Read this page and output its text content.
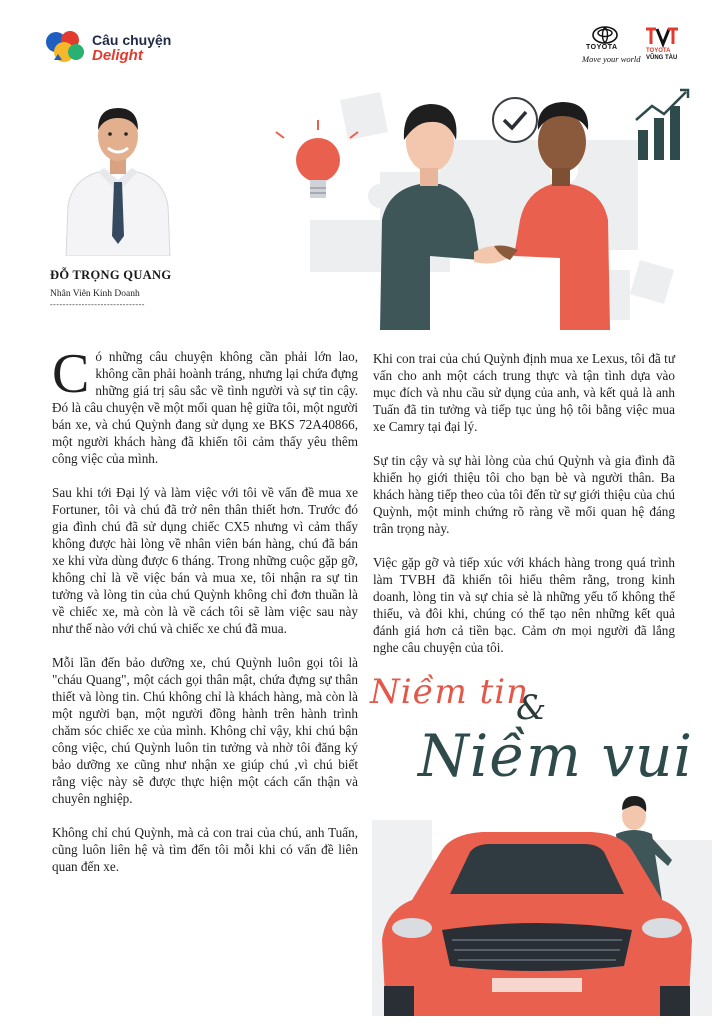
Câu chuyện
Delight	TOYOTA
Move your world
TOYOTA
VŨNG TÀU
ĐỖ TRỌNG QUANG
Nhân Viên Kinh Doanh
------------------------------

Có những câu chuyện không cần phải lớn lao, không cần phải hoành tráng, nhưng lại chứa đựng những giá trị sâu sắc về tình người và sự tin cậy. Đó là câu chuyện về một mối quan hệ giữa tôi, một người bán xe, và chú Quỳnh đang sử dụng xe BKS 72A40866, một người khách hàng đã khiến tôi cảm thấy yêu thêm công việc của mình.

Sau khi tới Đại lý và làm việc với tôi về vấn đề mua xe Fortuner, tôi và chú đã trở nên thân thiết hơn. Trước đó gia đình chú đã sử dụng chiếc CX5 nhưng vì cảm thấy không được hài lòng về nhân viên bán hàng, chú đã bán xe khi vừa dùng được 6 tháng. Trong những cuộc gặp gỡ, không chỉ là về việc bán và mua xe, tôi nhận ra sự tin tưởng và lòng tin của chú Quỳnh không chỉ đơn thuần là về chiếc xe, mà còn là về cách tôi sẽ làm việc sau này như thế nào với chú và chiếc xe chú đã mua.

Mỗi lần đến bảo dưỡng xe, chú Quỳnh luôn gọi tôi là "cháu Quang", một cách gọi thân mật, chứa đựng sự thân thiết và lòng tin. Chú không chỉ là khách hàng, mà còn là một người bạn, một người đồng hành trên hành trình chăm sóc chiếc xe của mình. Không chỉ vậy, khi chú bận công việc, chú Quỳnh luôn tin tưởng và nhờ tôi đăng ký bảo dưỡng xe cũng như nhận xe giúp chú ,vì chú biết rằng việc này sẽ được thực hiện một cách cẩn thận và chuyên nghiệp.

Không chỉ chú Quỳnh, mà cả con trai của chú, anh Tuấn, cũng luôn liên hệ và tìm đến tôi mỗi khi có vấn đề liên quan đến xe.

Khi con trai của chú Quỳnh định mua xe Lexus, tôi đã tư vấn cho anh một cách trung thực và tận tình dựa vào mục đích và nhu cầu sử dụng của anh, và kết quả là anh Tuấn đã tin tưởng và tiếp tục ủng hộ tôi bằng việc mua xe Camry tại đại lý.

Sự tin cậy và sự hài lòng của chú Quỳnh và gia đình đã khiến họ giới thiệu tôi cho bạn bè và người thân. Ba khách hàng tiếp theo của tôi đến từ sự giới thiệu của chú Quỳnh, một minh chứng rõ ràng về mối quan hệ đáng trân trọng này.

Việc gặp gỡ và tiếp xúc với khách hàng trong quá trình làm TVBH đã khiến tôi hiểu thêm rằng, trong kinh doanh, lòng tin và sự chia sẻ là những yếu tố không thể thiếu, và đôi khi, chúng có thể tạo nên những kết quả đánh giá hơn cả tiền bạc. Cảm ơn mọi người đã lắng nghe câu chuyện của tôi.

Niềm tin
&
Niềm vui
